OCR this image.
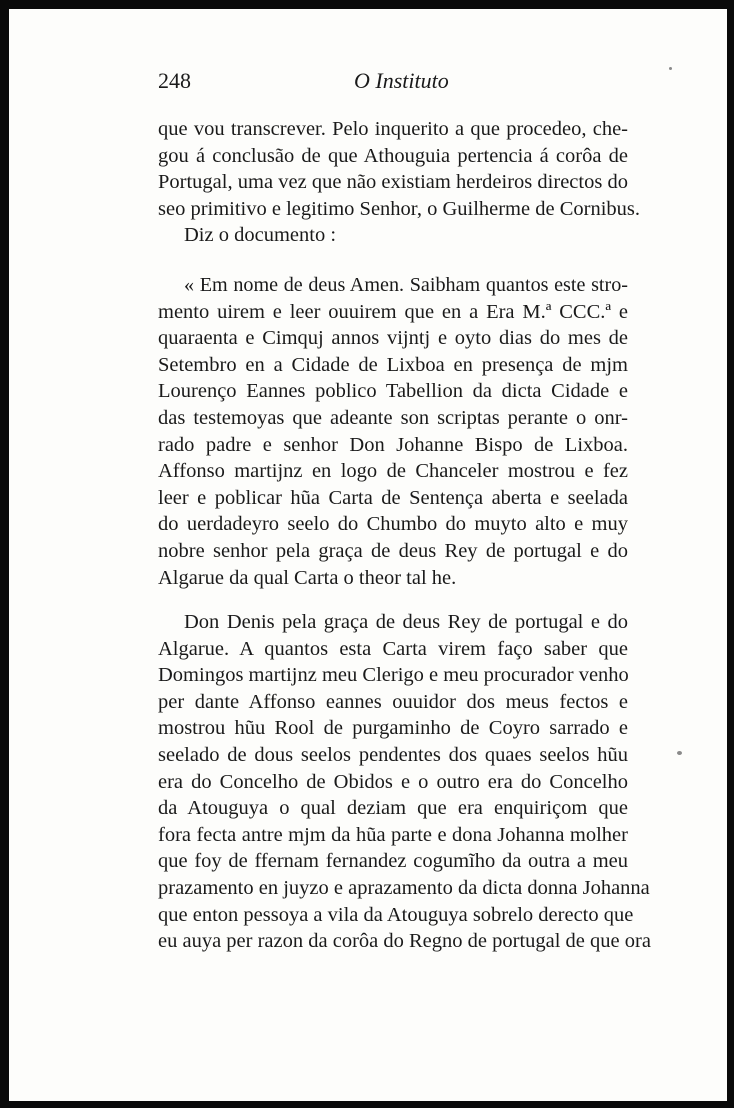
248	O Instituto
que vou transcrever. Pelo inquerito a que procedeo, che-
gou á conclusão de que Athouguia pertencia á corôa de
Portugal, uma vez que não existiam herdeiros directos do
seo primitivo e legitimo Senhor, o Guilherme de Cornibus.
Diz o documento :
« Em nome de deus Amen. Saibham quantos este stro-
mento uirem e leer ouuirem que en a Era M.ª CCC.ª e
quaraenta e Cimquj annos vijntj e oyto dias do mes de
Setembro en a Cidade de Lixboa en presença de mjm
Lourenço Eannes poblico Tabellion da dicta Cidade e
das testemoyas que adeante son scriptas perante o onr-
rado padre e senhor Don Johanne Bispo de Lixboa.
Affonso martijnz en logo de Chanceler mostrou e fez
leer e poblicar hũa Carta de Sentença aberta e seelada
do uerdadeyro seelo do Chumbo do muyto alto e muy
nobre senhor pela graça de deus Rey de portugal e do
Algarue da qual Carta o theor tal he.
Don Denis pela graça de deus Rey de portugal e do
Algarue. A quantos esta Carta virem faço saber que
Domingos martijnz meu Clerigo e meu procurador venho
per dante Affonso eannes ouuidor dos meus fectos e
mostrou hũu Rool de purgaminho de Coyro sarrado e
seelado de dous seelos pendentes dos quaes seelos hũu
era do Concelho de Obidos e o outro era do Concelho
da Atouguya o qual deziam que era enquiriçom que
fora fecta antre mjm da hũa parte e dona Johanna molher
que foy de ffernam fernandez cogumĩho da outra a meu
prazamento en juyzo e aprazamento da dicta donna Johanna
que enton pessoya a vila da Atouguya sobrelo derecto que
eu auya per razon da corôa do Regno de portugal de que ora
